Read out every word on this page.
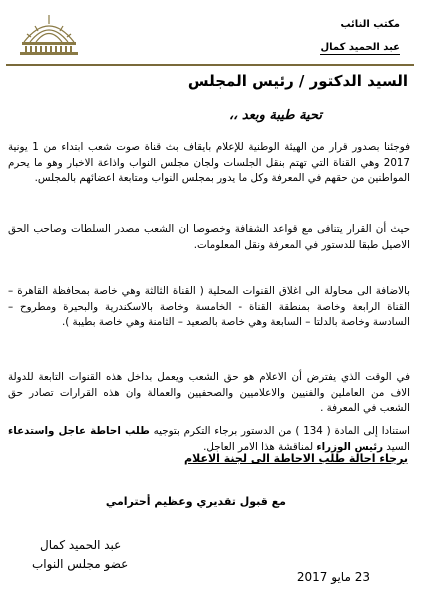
مكتب النائب
عبد الحميد كمال
السيد الدكتور / رئيس المجلس
تحية طيبة وبعد ،،

فوجئنا بصدور قرار من الهيئة الوطنية للإعلام بايقاف بث قناة صوت شعب ابتداء من 1 يونية 2017 وهي القناة التي تهتم بنقل الجلسات ولجان مجلس النواب واذاعة الاخبار وهو ما يحرم المواطنين من حقهم في المعرفة وكل ما يدور بمجلس النواب ومتابعة اعضائهم بالمجلس.

حيث أن القرار يتنافى مع قواعد الشفافة وخصوصا ان الشعب مصدر السلطات وصاحب الحق الاصيل طبقا للدستور في المعرفة ونقل المعلومات.

بالاضافة الى محاولة الى اغلاق القنوات المحلية ( القناة الثالثة وهي خاصة بمحافظة القاهرة – القناة الرابعة وخاصة بمنطقة القناة - الخامسة وخاصة بالاسكندرية والبحيرة ومطروح – السادسة وخاصة بالدلتا – السابعة وهي خاصة بالصعيد – الثامنة وهي خاصة بطيبة ).

في الوقت الذي يفترض أن الاعلام هو حق الشعب ويعمل بداخل هذه القنوات التابعة للدولة الاف من العاملين والفنيين والاعلاميين والصحفيين والعمالة وان هذه القرارات تصادر حق الشعب في المعرفة .

استنادا إلى المادة ( 134 ) من الدستور برجاء التكرم بتوجيه طلب احاطة عاجل واستدعاء السيد رئيس الوزراء لمناقشة هذا الامر العاجل.

برجاء احالة طلب الاحاطة الى لجنة الاعلام
مع قبول تقديري وعظيم أحترامي
عبد الحميد كمال
عضو مجلس النواب
23 مايو 2017
